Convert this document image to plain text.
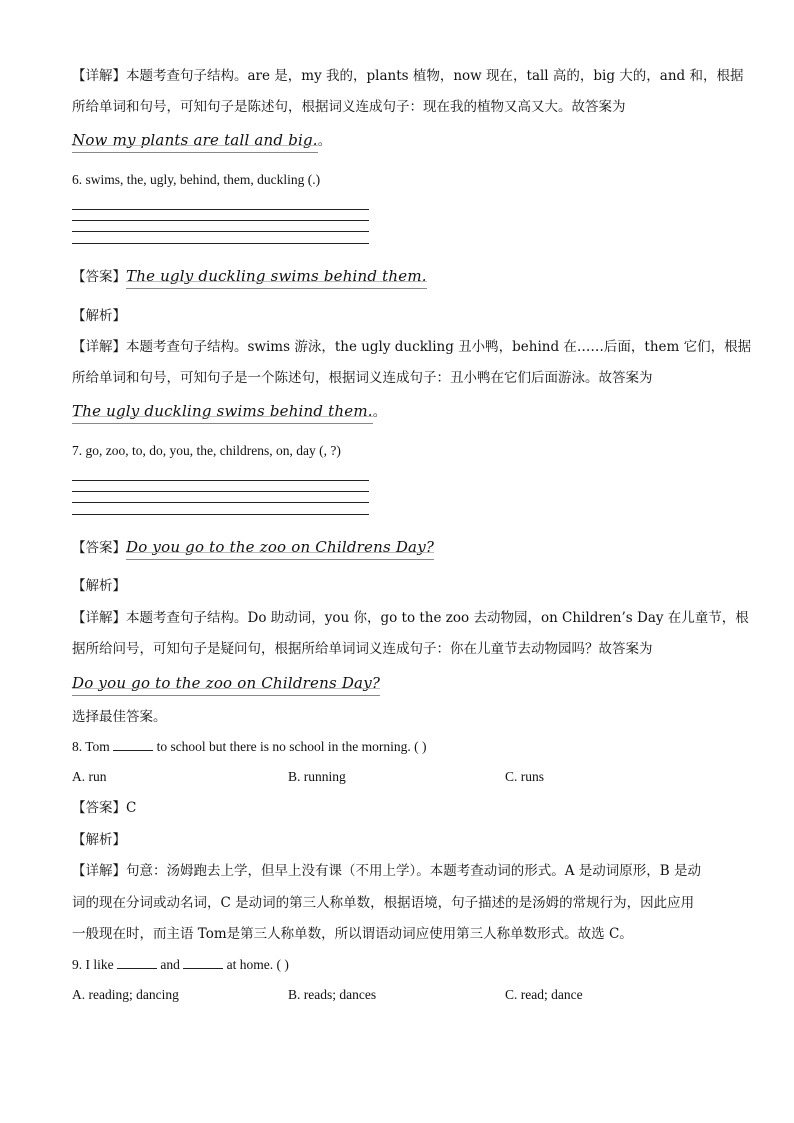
【详解】本题考查句子结构。are 是，my 我的，plants 植物，now 现在，tall 高的，big 大的，and 和，根据
所给单词和句号，可知句子是陈述句，根据词义连成句子：现在我的植物又高又大。故答案为
Now my plants are tall and big.。
6. swims, the, ugly, behind, them, duckling (.)
【答案】The ugly duckling swims behind them.
【解析】
【详解】本题考查句子结构。swims 游泳，the ugly duckling 丑小鸭，behind 在……后面，them 它们，根据
所给单词和句号，可知句子是一个陈述句，根据词义连成句子：丑小鸭在它们后面游泳。故答案为
The ugly duckling swims behind them.。
7. go, zoo, to, do, you, the, childrens, on, day (, ?)
【答案】Do you go to the zoo on Childrens Day?
【解析】
【详解】本题考查句子结构。Do 助动词，you 你，go to the zoo 去动物园，on Children’s Day 在儿童节，根
据所给问号，可知句子是疑问句，根据所给单词词义连成句子：你在儿童节去动物园吗？故答案为
Do you go to the zoo on Childrens Day?
选择最佳答案。
8. Tom	to school but there is no school in the morning. ( )
A. run	B. running	C. runs
【答案】C
【解析】
【详解】句意：汤姆跑去上学，但早上没有课（不用上学）。本题考查动词的形式。A 是动词原形，B 是动
词的现在分词或动名词，C 是动词的第三人称单数，根据语境，句子描述的是汤姆的常规行为，因此应用
一般现在时，而主语 Tom是第三人称单数，所以谓语动词应使用第三人称单数形式。故选 C。
9. I like	and	at home. ( )
A. reading; dancing	B. reads; dances	C. read; dance
